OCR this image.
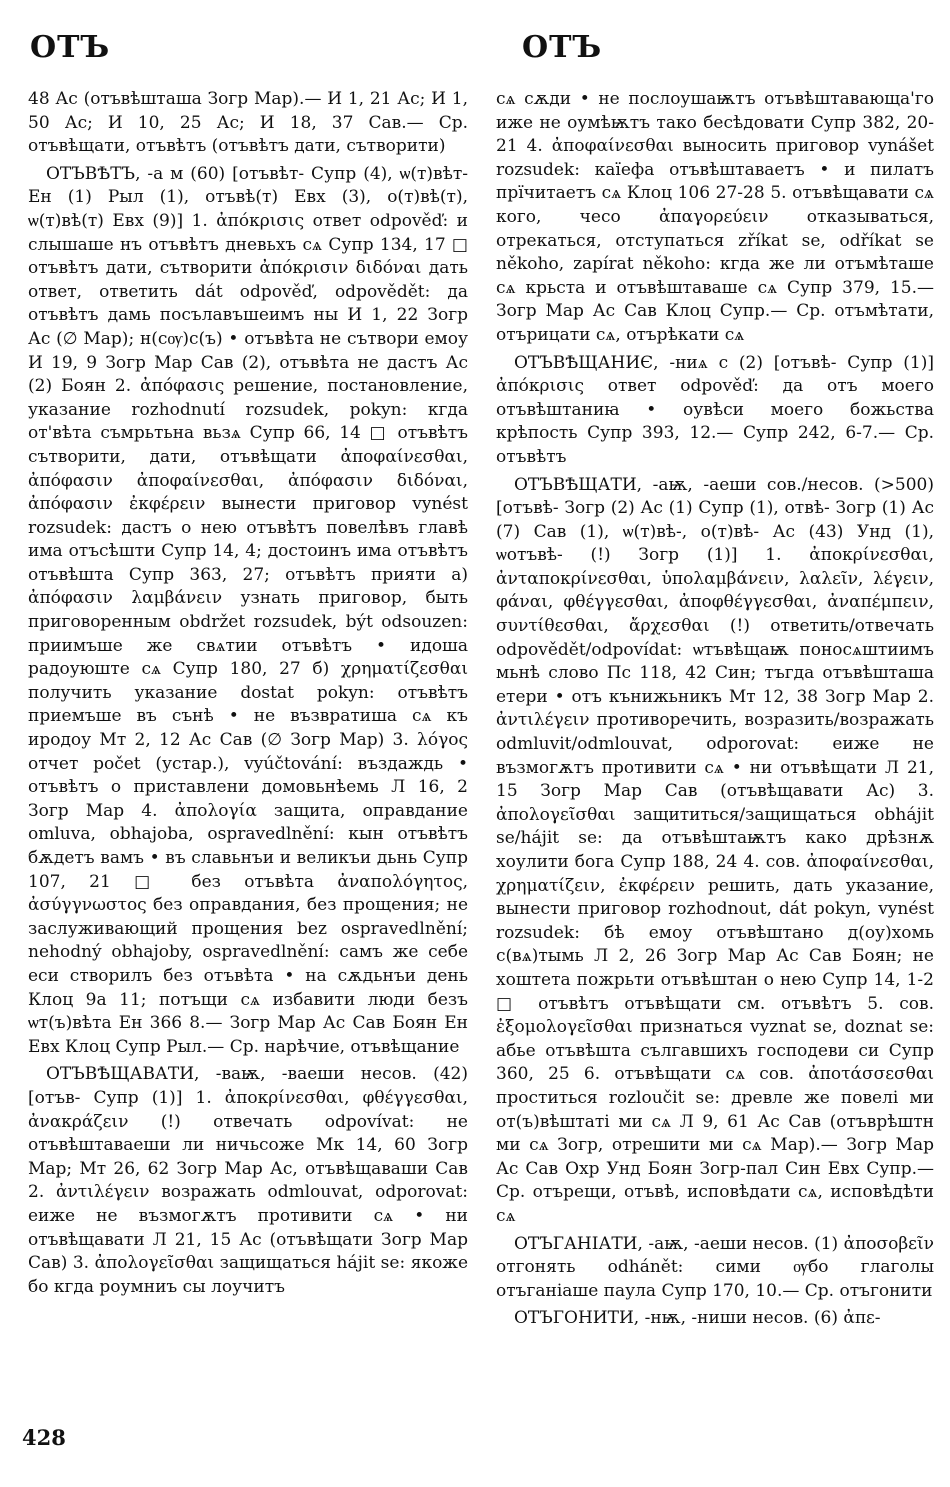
ОТЪ	ОТЪ

48 Ас (отъвѣшташа Зогр Мар).— И 1, 21 Ас; И 1, 50 Ас; И 10, 25 Ас; И 18, 37 Сав.— Ср. отъвѣщати, отъвѣтъ (отъвѣтъ дати, сътворити)

ОТЪВѢТЪ, -а м (60) [отъвѣт- Супр (4), ѡ(т)вѣт- Ен (1) Рыл (1), отъвѣ(т) Евх (3), о(т)вѣ(т), ѡ(т)вѣ(т) Евх (9)] 1. ἀπόκρισις ответ odpověď: и слышаше нъ отъвѣтъ дневьхъ сѧ Супр 134, 17 □ отъвѣтъ дати, сътворити ἀπόκρισιν διδόναι дать ответ, ответить dát odpověď, odpovědět: да отъвѣтъ дамь посълавъшеимъ ны И 1, 22 Зогр Ас (∅ Мар); н(сѹ)с(ъ) • отъвѣта не сътвори емоу И 19, 9 Зогр Мар Сав (2), отъвѣта не дастъ Ас (2) Боян 2. ἀπόφασις решение, постановление, указание rozhodnutí rozsudek, pokyn: кгда от'вѣта съмрьтьна вьзѧ Супр 66, 14 □ отъвѣтъ сътворити, дати, отъвѣщати ἀποφαίνεσθαι, ἀπόφασιν ἀποφαίνεσθαι, ἀπόφασιν διδόναι, ἀπόφασιν ἐκφέρειν вынести приговор vynést rozsudek: дастъ о нею отъвѣтъ повелѣвъ главѣ има отъсѣшти Супр 14, 4; достоинъ има отъвѣтъ отъвѣшта Супр 363, 27; отъвѣтъ прияти а) ἀπόφασιν λαμβάνειν узнать приговор, быть приговоренным obdržet rozsudek, být odsouzen: приимъше же свѧтии отъвѣтъ • идоша радоуюште сѧ Супр 180, 27 б) χρηματίζεσθαι получить указание dostat pokyn: отъвѣтъ приемъше въ сънѣ • не възвратиша сѧ къ иродоу Мт 2, 12 Ас Сав (∅ Зогр Мар) 3. λόγος отчет počet (устар.), vyúčtování: въздаждь • отъвѣтъ о приставлени домовьнѣемь Л 16, 2 Зогр Мар 4. ἀπολογία защита, оправдание omluva, obhajoba, ospravedlnění: кын отъвѣтъ бѫдетъ вамъ • въ славьнъи и великъи дьнь Супр 107, 21 □ без отъвѣта ἀναπολόγητος, ἀσύγγνωστος без оправдания, без прощения; не заслуживающий прощения bez ospravedlnění; nehodný obhajoby, ospravedlnění: самъ же себе еси створилъ без отъвѣта • на сѫдьнъи день Клоц 9а 11; потъщи сѧ избавити люди безъ ѡт(ъ)вѣта Ен 366 8.— Зогр Мар Ас Сав Боян Ен Евх Клоц Супр Рыл.— Ср. нарѣчие, отъвѣщание

ОТЪВѢЩАВАТИ, -ваѭ, -ваеши несов. (42) [отъв- Супр (1)] 1. ἀποκρίνεσθαι, φθέγγεσθαι, ἀνακράζειν (!) отвечать odpovívat: не отъвѣштаваеши ли ничьсоже Мк 14, 60 Зогр Мар; Мт 26, 62 Зогр Мар Ас, отъвѣщаваши Сав 2. ἀντιλέγειν возражать odmlouvat, odporovat: еиже не възмогѫтъ противити сѧ • ни отъвѣщавати Л 21, 15 Ас (отъвѣщати Зогр Мар Сав) 3. ἀπολογεῖσθαι защищаться hájit se: якоже бо кгда роумниъ сы лоучитъ

сѧ сѫди • не послоушаѭтъ отъвѣштавающа'го иже не оумѣѭтъ тако бесѣдовати Супр 382, 20-21 4. ἀποφαίνεσθαι выносить приговор vynášet rozsudek: каїефа отъвѣштаваетъ • и пилатъ прїчитаетъ сѧ Клоц 106 27-28 5. отъвѣщавати сѧ кого, чесо ἀπαγορεύειν отказываться, отрекаться, отступаться zříkat se, odříkat se někoho, zapírat někoho: кгда же ли отъмѣташе сѧ крьста и отъвѣштаваше сѧ Супр 379, 15.— Зогр Мар Ас Сав Клоц Супр.— Ср. отъмѣтати, отърицати сѧ, отърѣкати сѧ

ОТЪВѢЩАНИЄ, -ниѧ с (2) [отъвѣ- Супр (1)] ἀπόκρισις ответ odpověď: да отъ моего отъвѣштаниꙗ • оувѣси моего божьства крѣпость Супр 393, 12.— Супр 242, 6-7.— Ср. отъвѣтъ

ОТЪВѢЩАТИ, -аѭ, -аеши сов./несов. (>500) [отъвѣ- Зогр (2) Ас (1) Супр (1), отвѣ- Зогр (1) Ас (7) Сав (1), ѡ(т)вѣ-, о(т)вѣ- Ас (43) Унд (1), ѡотъвѣ- (!) Зогр (1)] 1. ἀποκρίνεσθαι, ἀνταποκρίνεσθαι, ὑπολαμβάνειν, λαλεῖν, λέγειν, φάναι, φθέγγεσθαι, ἀποφθέγγεσθαι, ἀναπέμπειν, συντίθεσθαι, ἄρχεσθαι (!) ответить/отвечать odpovědět/odpovídat: ѡтъвѣщаѭ поносѧштиимъ мьнѣ слово Пс 118, 42 Син; тъгда отъвѣшташа етери • отъ кънижьникъ Мт 12, 38 Зогр Мар 2. ἀντιλέγειν противоречить, возразить/возражать odmluvit/odmlouvat, odporovat: еиже не възмогѫтъ противити сѧ • ни отъвѣщати Л 21, 15 Зогр Мар Сав (отъвѣщавати Ас) 3. ἀπολογεῖσθαι защититься/защищаться obhájit se/hájit se: да отъвѣштаѭтъ како дрѣзнѫ хоулити бога Супр 188, 24 4. сов. ἀποφαίνεσθαι, χρηματίζειν, ἐκφέρειν решить, дать указание, вынести приговор rozhodnout, dát pokyn, vynést rozsudek: бѣ емоу отъвѣштано д(оу)хомь с(вѧ)тымь Л 2, 26 Зогр Мар Ас Сав Боян; не хоштета пожрьти отъвѣштан о нею Супр 14, 1-2 □ отъвѣтъ отъвѣщати см. отъвѣтъ 5. сов. ἐξομολογεῖσθαι признаться vyznat se, doznat se: абье отъвѣшта сългавшихъ господеви си Супр 360, 25 6. отъвѣщати сѧ сов. ἀποτάσσεσθαι проститься rozloučit se: древле же повелі ми от(ъ)вѣштаті ми сѧ Л 9, 61 Ас Сав (отъврѣштн ми сѧ Зогр, отрешити ми сѧ Мар).— Зогр Мар Ас Сав Охр Унд Боян Зогр-пал Син Евх Супр.— Ср. отърещи, отъвѣ, исповѣдати сѧ, исповѣдѣти сѧ

ОТЪГАНІАТИ, -аѭ, -аеши несов. (1) ἀποσοβεῖν отгонять odhánět: сими ѹбо глаголы отъганіаше паула Супр 170, 10.— Ср. отъгонити

ОТЪГОНИТИ, -нѭ, -ниши несов. (6) ἀπε-

428
